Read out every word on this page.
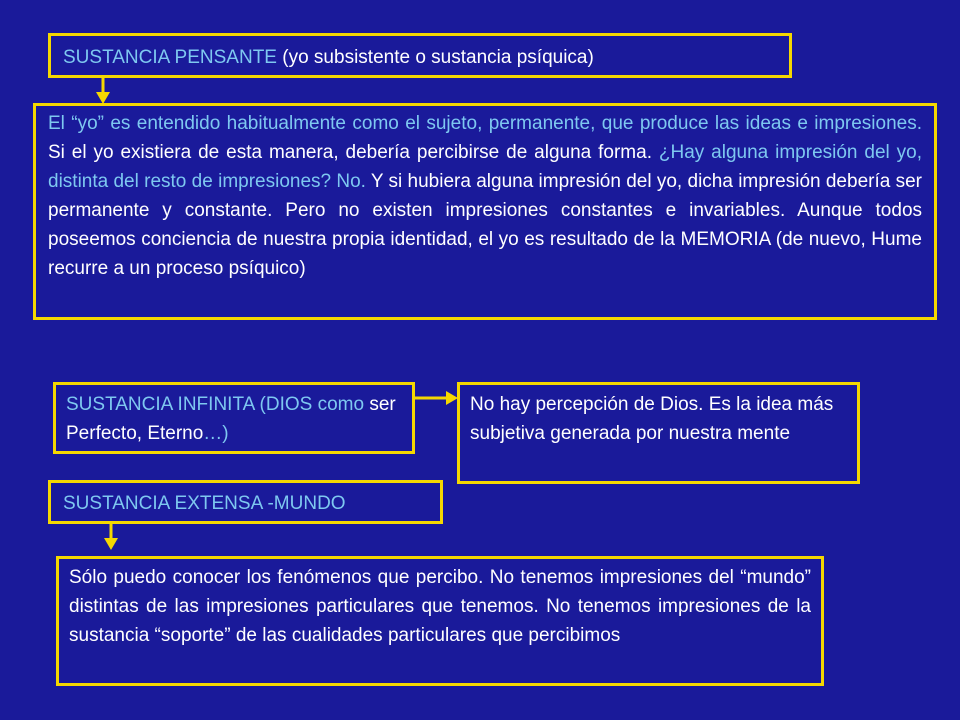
SUSTANCIA PENSANTE (yo subsistente o sustancia psíquica)
El “yo” es entendido habitualmente como el sujeto, permanente, que produce las ideas e impresiones. Si el yo existiera de esta manera, debería percibirse de alguna forma. ¿Hay alguna impresión del yo, distinta del resto de impresiones? No. Y si hubiera alguna impresión del yo, dicha impresión debería ser permanente y constante. Pero no existen impresiones constantes e invariables. Aunque todos poseemos conciencia de nuestra propia identidad, el yo es resultado de la MEMORIA (de nuevo, Hume recurre a un proceso psíquico)
SUSTANCIA INFINITA (DIOS como ser Perfecto, Eterno…)
No hay percepción de Dios. Es la idea más subjetiva generada por nuestra mente
SUSTANCIA EXTENSA -MUNDO
Sólo puedo conocer los fenómenos que percibo. No tenemos impresiones del “mundo” distintas de las impresiones particulares que tenemos. No tenemos impresiones de la sustancia “soporte” de las cualidades particulares que percibimos
